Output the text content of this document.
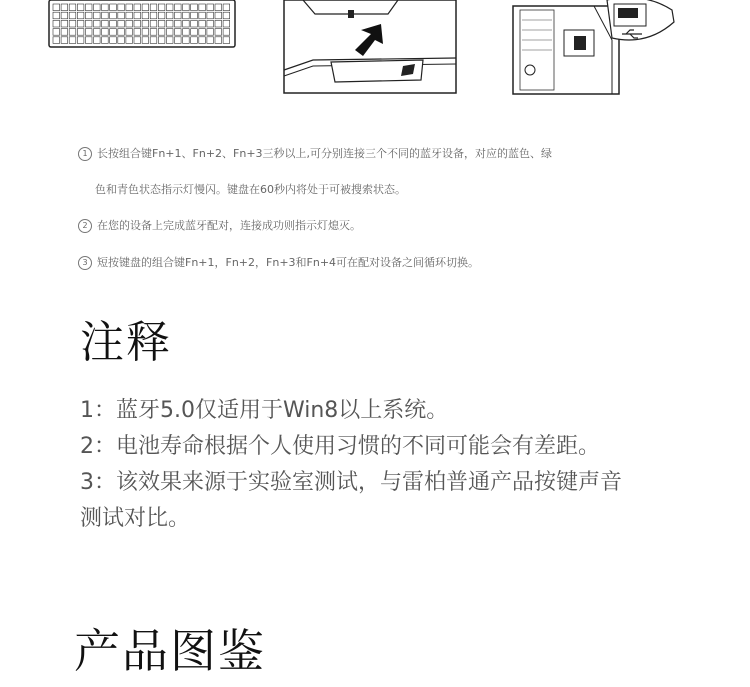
1 长按组合键Fn+1、Fn+2、Fn+3三秒以上,可分别连接三个不同的蓝牙设备，对应的蓝色、绿
色和青色状态指示灯慢闪。键盘在60秒内将处于可被搜索状态。
2 在您的设备上完成蓝牙配对，连接成功则指示灯熄灭。
3 短按键盘的组合键Fn+1，Fn+2，Fn+3和Fn+4可在配对设备之间循环切换。
注释

1：蓝牙5.0仅适用于Win8以上系统。

2：电池寿命根据个人使用习惯的不同可能会有差距。

3：该效果来源于实验室测试，与雷柏普通产品按键声音测试对比。

产品图鉴
